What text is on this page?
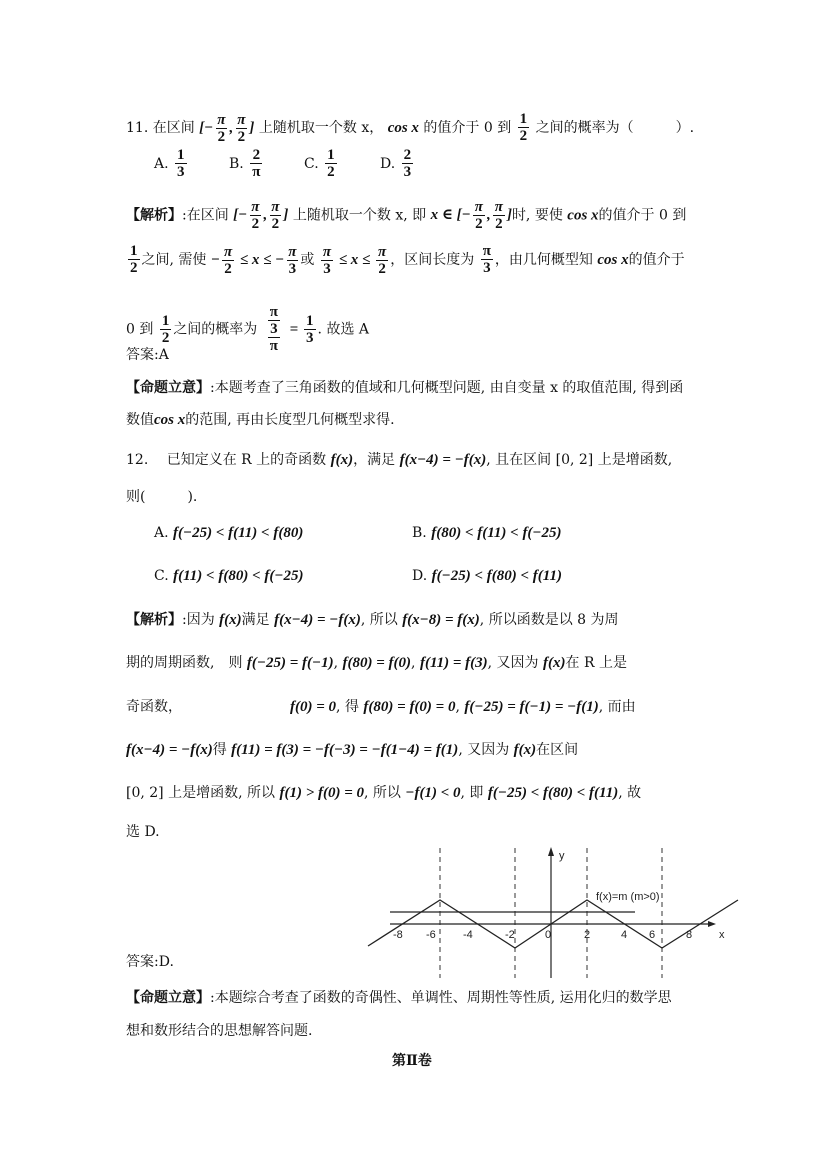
11. 在区间 [− $\frac{\pi}{2}$ , $\frac{\pi}{2}$ ] 上随机取一个数 x， cos x 的值介于 0 到 $\frac{1}{2}$ 之间的概率为（　　　）.
A. $\frac{1}{3}$	B. $\frac{2}{\pi}$	C. $\frac{1}{2}$	D. $\frac{2}{3}$
【解析】:在区间 [− $\frac{\pi}{2}$ , $\frac{\pi}{2}$ ] 上随机取一个数 x, 即 x ∈ [− $\frac{\pi}{2}$ , $\frac{\pi}{2}$ ]时, 要使 cos x的值介于 0 到
$\frac{1}{2}$ 之间, 需使 − $\frac{\pi}{2} \le x$ ≤ − $\frac{\pi}{3}$ 或 $\frac{\pi}{3} \le x \le \frac{\pi}{2}$ ，区间长度为 $\frac{\pi}{3}$ ，由几何概型知 cos x的值介于
0 到 $\frac{1}{2}$ 之间的概率为 $\frac{\frac{\pi}{3}}{\pi} = \frac{1}{3}$ . 故选 A
答案:A
【命题立意】:本题考查了三角函数的值域和几何概型问题, 由自变量 x 的取值范围, 得到函
数值cos x的范围, 再由长度型几何概型求得.
12.　 已知定义在 R 上的奇函数 f(x)，满足 f(x−4) = −f(x), 且在区间 [0, 2] 上是增函数,
则(　　　).
A. f(−25) < f(11) < f(80)	B. f(80) < f(11) < f(−25)
C. f(11) < f(80) < f(−25)	D. f(−25) < f(80) < f(11)
【解析】:因为 f(x)满足 f(x−4) = −f(x), 所以 f(x−8) = f(x), 所以函数是以 8 为周
期的周期函数,　则 f(−25) = f(−1), f(80) = f(0), f(11) = f(3), 又因为 f(x)在 R 上是
奇函数，	f(0) = 0, 得 f(80) = f(0) = 0, f(−25) = f(−1) = −f(1), 而由
f(x−4) = −f(x)得 f(11) = f(3) = −f(−3) = −f(1−4) = f(1), 又因为 f(x)在区间
[0, 2] 上是增函数, 所以 f(1) > f(0) = 0, 所以 −f(1) < 0, 即 f(−25) < f(80) < f(11), 故
选 D.
-8 -6 -4	-2	0	2	4 6	8 x
y
f(x)=m (m>0)
答案:D.
【命题立意】:本题综合考查了函数的奇偶性、单调性、周期性等性质, 运用化归的数学思
想和数形结合的思想解答问题.
第Ⅱ卷
